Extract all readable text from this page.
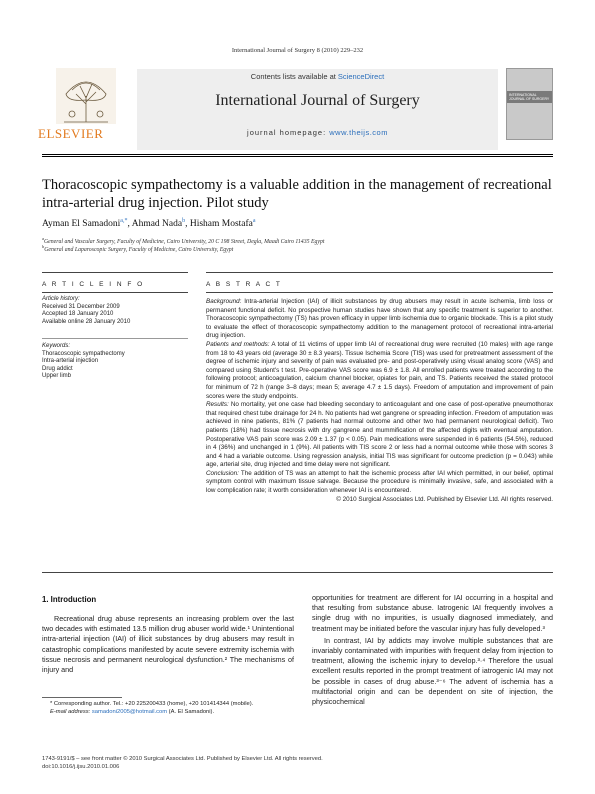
International Journal of Surgery 8 (2010) 229–232
ELSEVIER
Contents lists available at ScienceDirect
International Journal of Surgery
journal homepage: www.theijs.com
INTERNATIONAL JOURNAL OF SURGERY
Thoracoscopic sympathectomy is a valuable addition in the management of recreational intra-arterial drug injection. Pilot study
Ayman El Samadoni$^{a,*}$, Ahmad Nada$^b$, Hisham Mostafa$^a$
$^a$General and Vascular Surgery, Faculty of Medicine, Cairo University, 20 C 198 Street, Degla, Maadi Cairo 11435 Egypt
$^b$General and Laparoscopic Surgery, Faculty of Medicine, Cairo University, Egypt
A R T I C L E I N F O
Article history:
Received 31 December 2009
Accepted 18 January 2010
Available online 28 January 2010
Keywords:
Thoracoscopic sympathectomy
Intra-arterial injection
Drug addict
Upper limb
A B S T R A C T

Background: Intra-arterial Injection (IAI) of illicit substances by drug abusers may result in acute ischemia, limb loss or permanent functional deficit. No prospective human studies have shown that any specific treatment is superior to another. Thoracoscopic sympathectomy (TS) has proven efficacy in upper limb ischemia due to organic blockade. This is a pilot study to evaluate the effect of thoracoscopic sympathectomy addition to the management protocol of recreational intra-arterial drug injection.

Patients and methods: A total of 11 victims of upper limb IAI of recreational drug were recruited (10 males) with age range from 18 to 43 years old (average 30 ± 8.3 years). Tissue Ischemia Score (TIS) was used for pretreatment assessment of the degree of ischemic injury and severity of pain was evaluated pre- and post-operatively using visual analog score (VAS) and compared using Student's t test. Pre-operative VAS score was 6.9 ± 1.8. All enrolled patients were treated according to the following protocol; anticoagulation, calcium channel blocker, opiates for pain, and TS. Patients received the stated protocol for minimum of 72 h (range 3–8 days; mean 5; average 4.7 ± 1.5 days). Freedom of amputation and improvement of pain scores were the study endpoints.

Results: No mortality, yet one case had bleeding secondary to anticoagulant and one case of post-operative pneumothorax that required chest tube drainage for 24 h. No patients had wet gangrene or spreading infection. Freedom of amputation was achieved in nine patients, 81% (7 patients had normal outcome and other two had permanent neurological deficit). Two patients (18%) had tissue necrosis with dry gangrene and mummification of the affected digits with eventual amputation. Postoperative VAS pain score was 2.09 ± 1.37 (p < 0.05). Pain medications were suspended in 6 patients (54.5%), reduced in 4 (36%) and unchanged in 1 (9%). All patients with TIS score 2 or less had a normal outcome while those with scores 3 and 4 had a variable outcome. Using regression analysis, initial TIS was significant for outcome prediction (p = 0.043) while age, arterial site, drug injected and time delay were not significant.

Conclusion: The addition of TS was an attempt to halt the ischemic process after IAI which permitted, in our belief, optimal symptom control with maximum tissue salvage. Because the procedure is minimally invasive, safe, and associated with a low complication rate; it worth consideration whenever IAI is encountered.

© 2010 Surgical Associates Ltd. Published by Elsevier Ltd. All rights reserved.

1. Introduction

Recreational drug abuse represents an increasing problem over the last two decades with estimated 13.5 million drug abuser world wide.¹ Unintentional intra-arterial injection (IAI) of illicit substances by drug abusers may result in catastrophic complications manifested by acute severe extremity ischemia with tissue necrosis and permanent neurological dysfunction.² The mechanisms of injury and

opportunities for treatment are different for IAI occurring in a hospital and that resulting from substance abuse. Iatrogenic IAI frequently involves a single drug with no impurities, is usually diagnosed immediately, and treatment may be initiated before the vascular injury has fully developed.³

In contrast, IAI by addicts may involve multiple substances that are invariably contaminated with impurities with frequent delay from injection to treatment, allowing the ischemic injury to develop.³·⁴ Therefore the usual excellent results reported in the prompt treatment of iatrogenic IAI may not be possible in cases of drug abuse.³⁻⁶ The advent of ischemia has a multifactorial origin and can be dependent on site of injection, the physicochemical

* Corresponding author. Tel.: +20 225200433 (home), +20 101414344 (mobile).
E-mail address: samadoni2005@hotmail.com (A. El Samadoni).
1743-9191/$ – see front matter © 2010 Surgical Associates Ltd. Published by Elsevier Ltd. All rights reserved.
doi:10.1016/j.ijsu.2010.01.006
